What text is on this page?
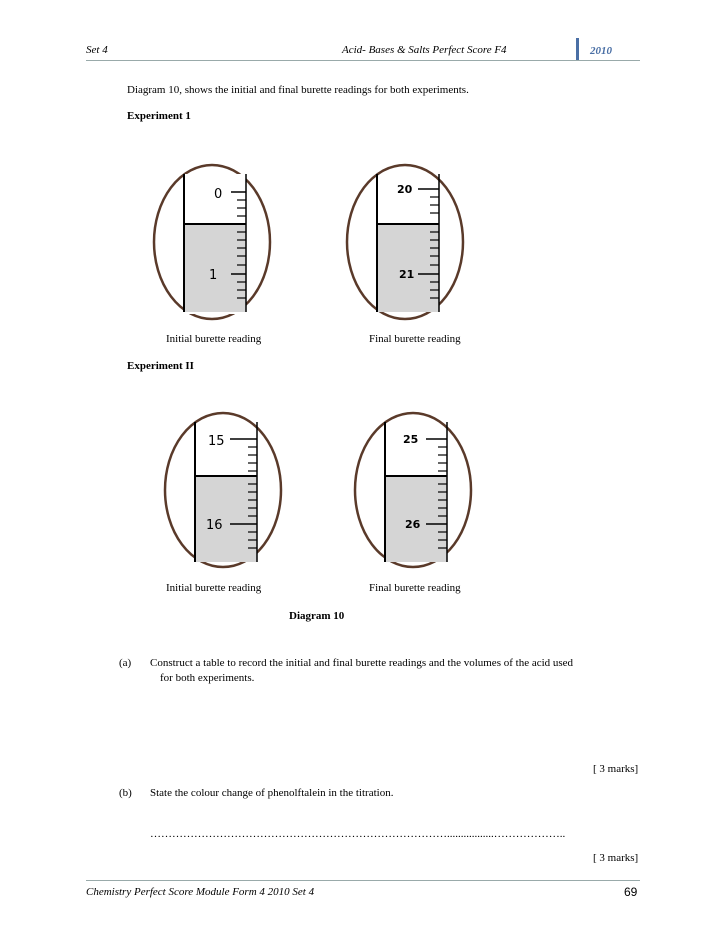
Set 4	Acid- Bases & Salts Perfect Score F4	2010
Diagram 10, shows the initial and final burette readings for both experiments.
Experiment 1
0
1
20
21
Initial burette reading	Final burette reading
Experiment II
15
16
25
26
Initial burette reading	Final burette reading
Diagram 10
(a) Construct a table to record the initial and final burette readings and the volumes of the acid used
for both experiments.
[ 3 marks]
(b) State the colour change of phenolftalein in the titration.
……………………………………………………………………….................………………..
[ 3 marks]
Chemistry Perfect Score Module Form 4 2010 Set 4	69
